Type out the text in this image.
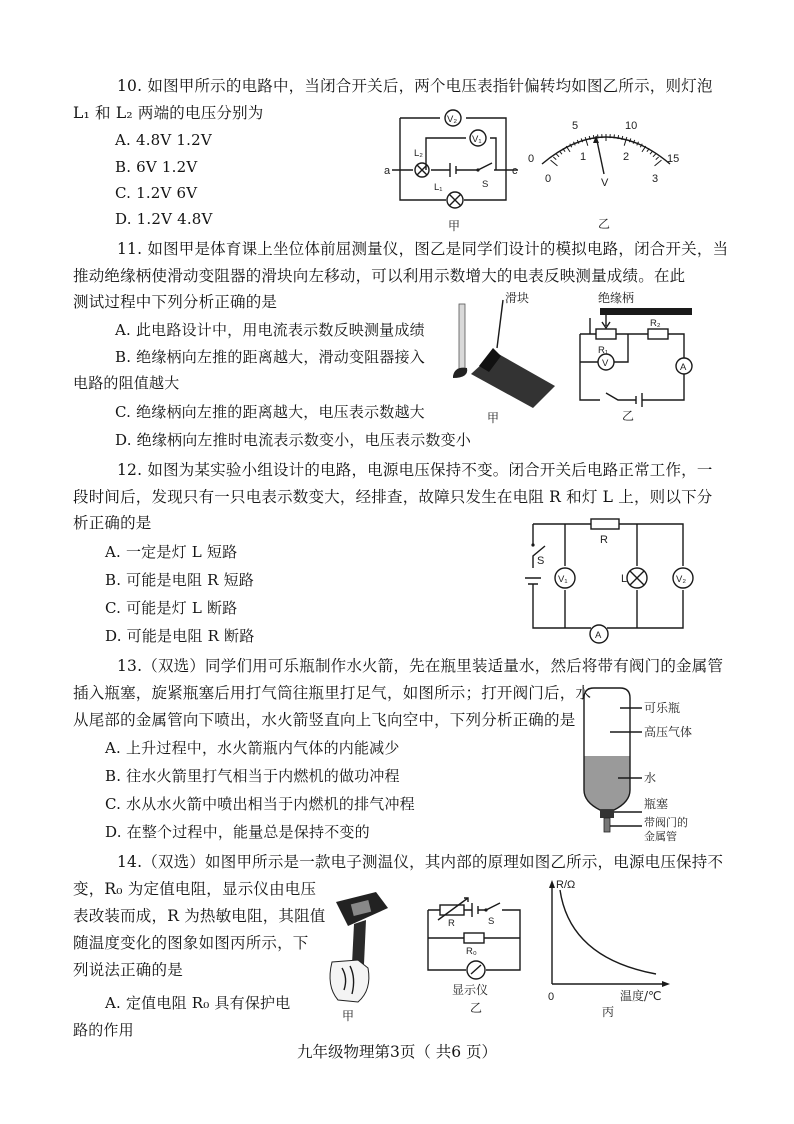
10. 如图甲所示的电路中，当闭合开关后，两个电压表指针偏转均如图乙所示，则灯泡
L₁ 和 L₂ 两端的电压分别为
A. 4.8V 1.2V
B. 6V 1.2V
C. 1.2V 6V
D. 1.2V 4.8V
V₂
V₁
L₂
S
L₁
a	c
甲
0
5	10
15
0
1	2
3
V
乙
11. 如图甲是体育课上坐位体前屈测量仪，图乙是同学们设计的模拟电路，闭合开关，当
推动绝缘柄使滑动变阻器的滑块向左移动，可以利用示数增大的电表反映测量成绩。在此
测试过程中下列分析正确的是
A. 此电路设计中，用电流表示数反映测量成绩
B. 绝缘柄向左推的距离越大，滑动变阻器接入
电路的阻值越大
C. 绝缘柄向左推的距离越大，电压表示数越大
D. 绝缘柄向左推时电流表示数变小，电压表示数变小
滑块
甲
绝缘柄
R₁
R₂
V	A
乙
12. 如图为某实验小组设计的电路，电源电压保持不变。闭合开关后电路正常工作，一
段时间后，发现只有一只电表示数变大，经排查，故障只发生在电阻 R 和灯 L 上，则以下分
析正确的是
A. 一定是灯 L 短路
B. 可能是电阻 R 短路
C. 可能是灯 L 断路
D. 可能是电阻 R 断路
R
S
V₁	L	V₂
A
13.（双选）同学们用可乐瓶制作水火箭，先在瓶里装适量水，然后将带有阀门的金属管
插入瓶塞，旋紧瓶塞后用打气筒往瓶里打足气，如图所示；打开阀门后，水
从尾部的金属管向下喷出，水火箭竖直向上飞向空中，下列分析正确的是
A. 上升过程中，水火箭瓶内气体的内能减少
B. 往水火箭里打气相当于内燃机的做功冲程
C. 水从水火箭中喷出相当于内燃机的排气冲程
D. 在整个过程中，能量总是保持不变的
可乐瓶
高压气体
水
瓶塞
带阀门的
金属管
14.（双选）如图甲所示是一款电子测温仪，其内部的原理如图乙所示，电源电压保持不
变，R₀ 为定值电阻，显示仪由电压
表改装而成，R 为热敏电阻，其阻值
随温度变化的图象如图丙所示，下
列说法正确的是
A. 定值电阻 R₀ 具有保护电
路的作用
甲
R	S
R₀
显示仪
乙
R/Ω
0	温度/℃
丙
九年级物理第3页（ 共6 页）
